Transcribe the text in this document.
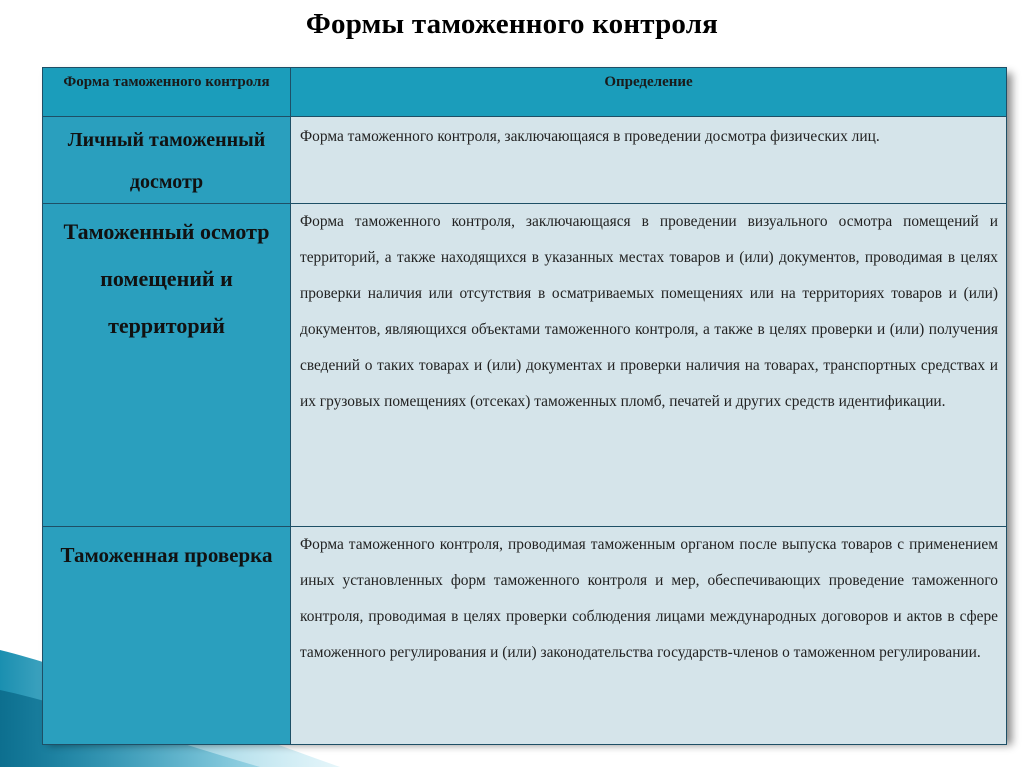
Формы таможенного контроля
Форма таможенного контроля	Определение
Личный таможенный досмотр	Форма таможенного контроля, заключающаяся в проведении досмотра физических лиц.
Таможенный осмотр помещений и территорий	Форма таможенного контроля, заключающаяся в проведении визуального осмотра помещений и территорий, а также находящихся в указанных местах товаров и (или) документов, проводимая в целях проверки наличия или отсутствия в осматриваемых помещениях или на территориях товаров и (или) документов, являющихся объектами таможенного контроля, а также в целях проверки и (или) получения сведений о таких товарах и (или) документах и проверки наличия на товарах, транспортных средствах и их грузовых помещениях (отсеках) таможенных пломб, печатей и других средств идентификации.
Таможенная проверка	Форма таможенного контроля, проводимая таможенным органом после выпуска товаров с применением иных установленных форм таможенного контроля и мер, обеспечивающих проведение таможенного контроля, проводимая в целях проверки соблюдения лицами международных договоров и актов в сфере таможенного регулирования и (или) законодательства государств-членов о таможенном регулировании.
